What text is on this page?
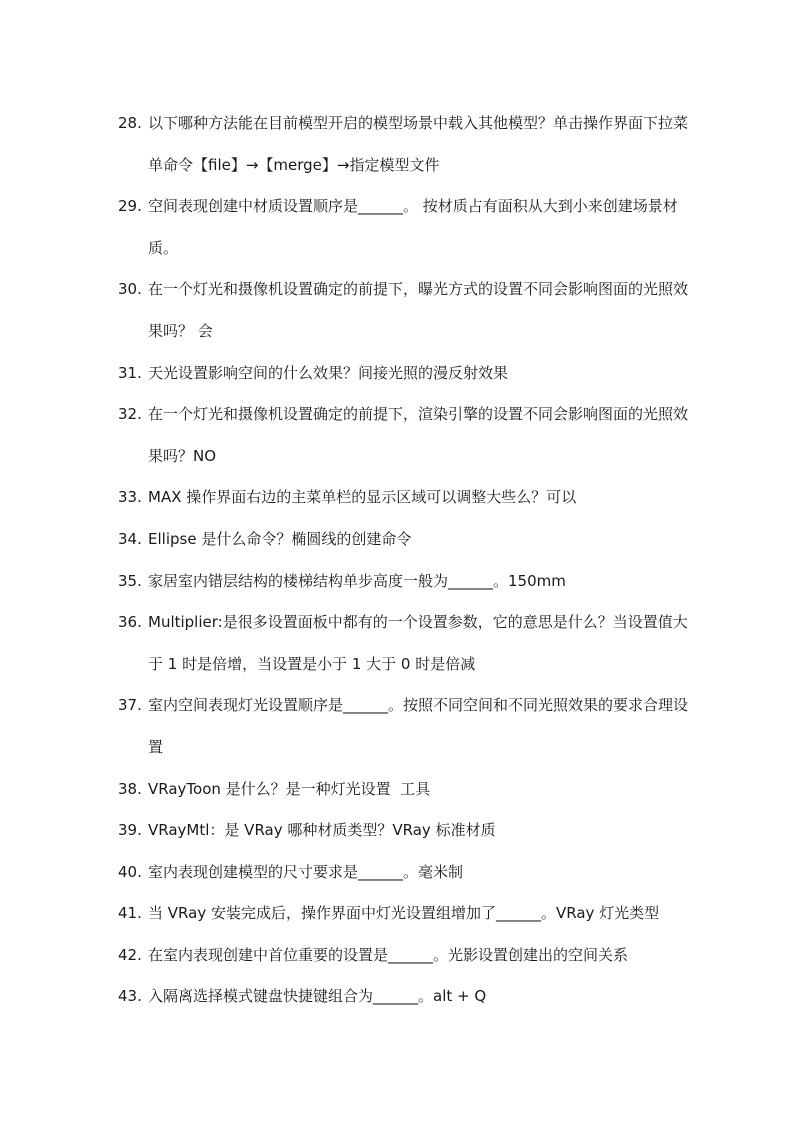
28. 以下哪种方法能在目前模型开启的模型场景中载入其他模型？单击操作界面下拉菜单命令【file】→【merge】→指定模型文件
29. 空间表现创建中材质设置顺序是______。 按材质占有面积从大到小来创建场景材质。
30. 在一个灯光和摄像机设置确定的前提下，曝光方式的设置不同会影响图面的光照效果吗？ 会
31. 天光设置影响空间的什么效果？间接光照的漫反射效果
32. 在一个灯光和摄像机设置确定的前提下，渲染引擎的设置不同会影响图面的光照效果吗？NO
33. MAX 操作界面右边的主菜单栏的显示区域可以调整大些么？可以
34. Ellipse 是什么命令？椭圆线的创建命令
35. 家居室内错层结构的楼梯结构单步高度一般为______。150mm
36. Multiplier:是很多设置面板中都有的一个设置参数，它的意思是什么？当设置值大于 1 时是倍增，当设置是小于 1 大于 0 时是倍减
37. 室内空间表现灯光设置顺序是______。按照不同空间和不同光照效果的要求合理设置
38. VRayToon 是什么？是一种灯光设置  工具
39. VRayMtl：是 VRay 哪种材质类型？VRay 标准材质
40. 室内表现创建模型的尺寸要求是______。毫米制
41. 当 VRay 安装完成后，操作界面中灯光设置组增加了______。VRay 灯光类型
42. 在室内表现创建中首位重要的设置是______。光影设置创建出的空间关系
43. 入隔离选择模式键盘快捷键组合为______。alt + Q
